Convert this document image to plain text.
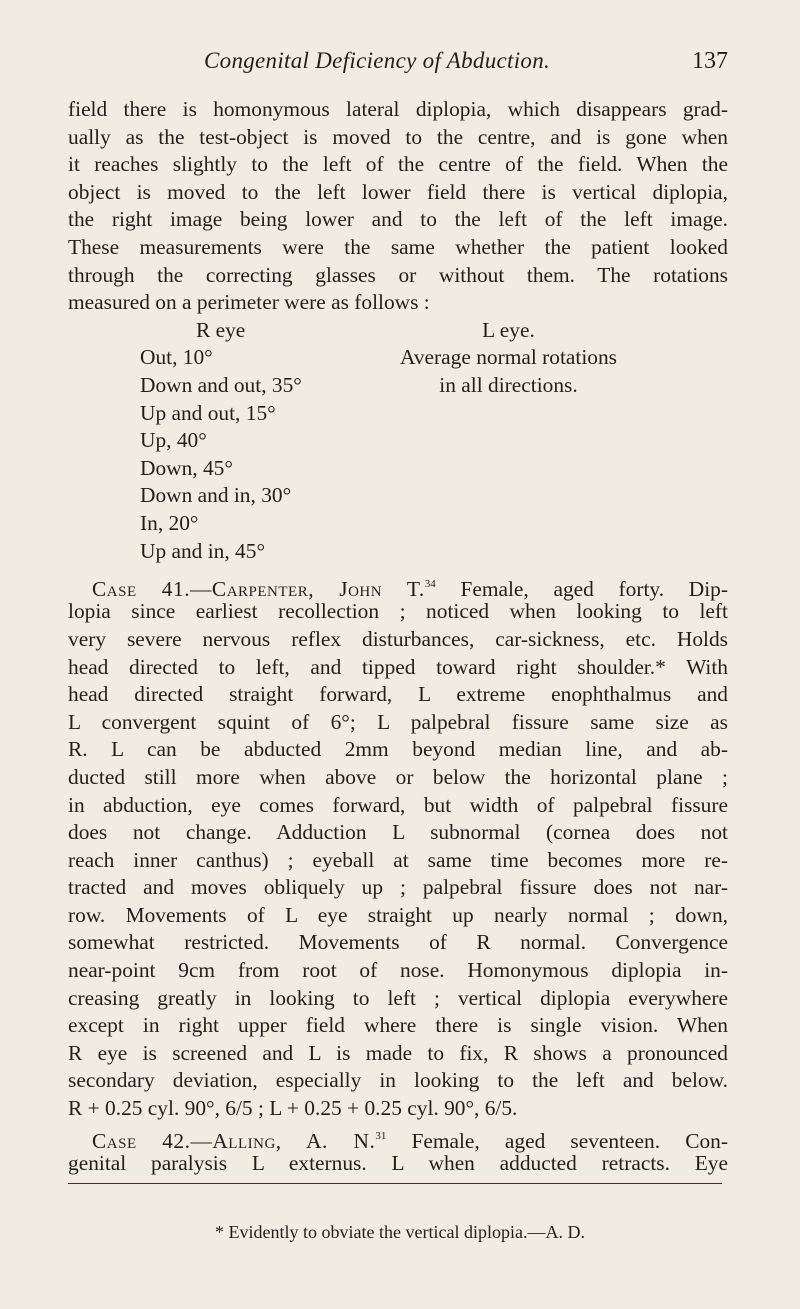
Congenital Deficiency of Abduction.	137
field there is homonymous lateral diplopia, which disappears grad-
ually as the test-object is moved to the centre, and is gone when
it reaches slightly to the left of the centre of the field. When the
object is moved to the left lower field there is vertical diplopia,
the right image being lower and to the left of the left image.
These measurements were the same whether the patient looked
through the correcting glasses or without them. The rotations
measured on a perimeter were as follows :
R eye
Out, 10°
Down and out, 35°
Up and out, 15°
Up, 40°
Down, 45°
Down and in, 30°
In, 20°
Up and in, 45°
L eye.
Average normal rotations
in all directions.
Case 41.—Carpenter, John T.$^{34}$ Female, aged forty. Dip-
lopia since earliest recollection ; noticed when looking to left
very severe nervous reflex disturbances, car-sickness, etc. Holds
head directed to left, and tipped toward right shoulder.* With
head directed straight forward, L extreme enophthalmus and
L convergent squint of 6°; L palpebral fissure same size as
R. L can be abducted 2mm beyond median line, and ab-
ducted still more when above or below the horizontal plane ;
in abduction, eye comes forward, but width of palpebral fissure
does not change. Adduction L subnormal (cornea does not
reach inner canthus) ; eyeball at same time becomes more re-
tracted and moves obliquely up ; palpebral fissure does not nar-
row. Movements of L eye straight up nearly normal ; down,
somewhat restricted. Movements of R normal. Convergence
near-point 9cm from root of nose. Homonymous diplopia in-
creasing greatly in looking to left ; vertical diplopia everywhere
except in right upper field where there is single vision. When
R eye is screened and L is made to fix, R shows a pronounced
secondary deviation, especially in looking to the left and below.
R + 0.25 cyl. 90°, 6/5 ; L + 0.25 + 0.25 cyl. 90°, 6/5.
Case 42.—Alling, A. N.$^{31}$ Female, aged seventeen. Con-
genital paralysis L externus. L when adducted retracts. Eye
* Evidently to obviate the vertical diplopia.—A. D.
